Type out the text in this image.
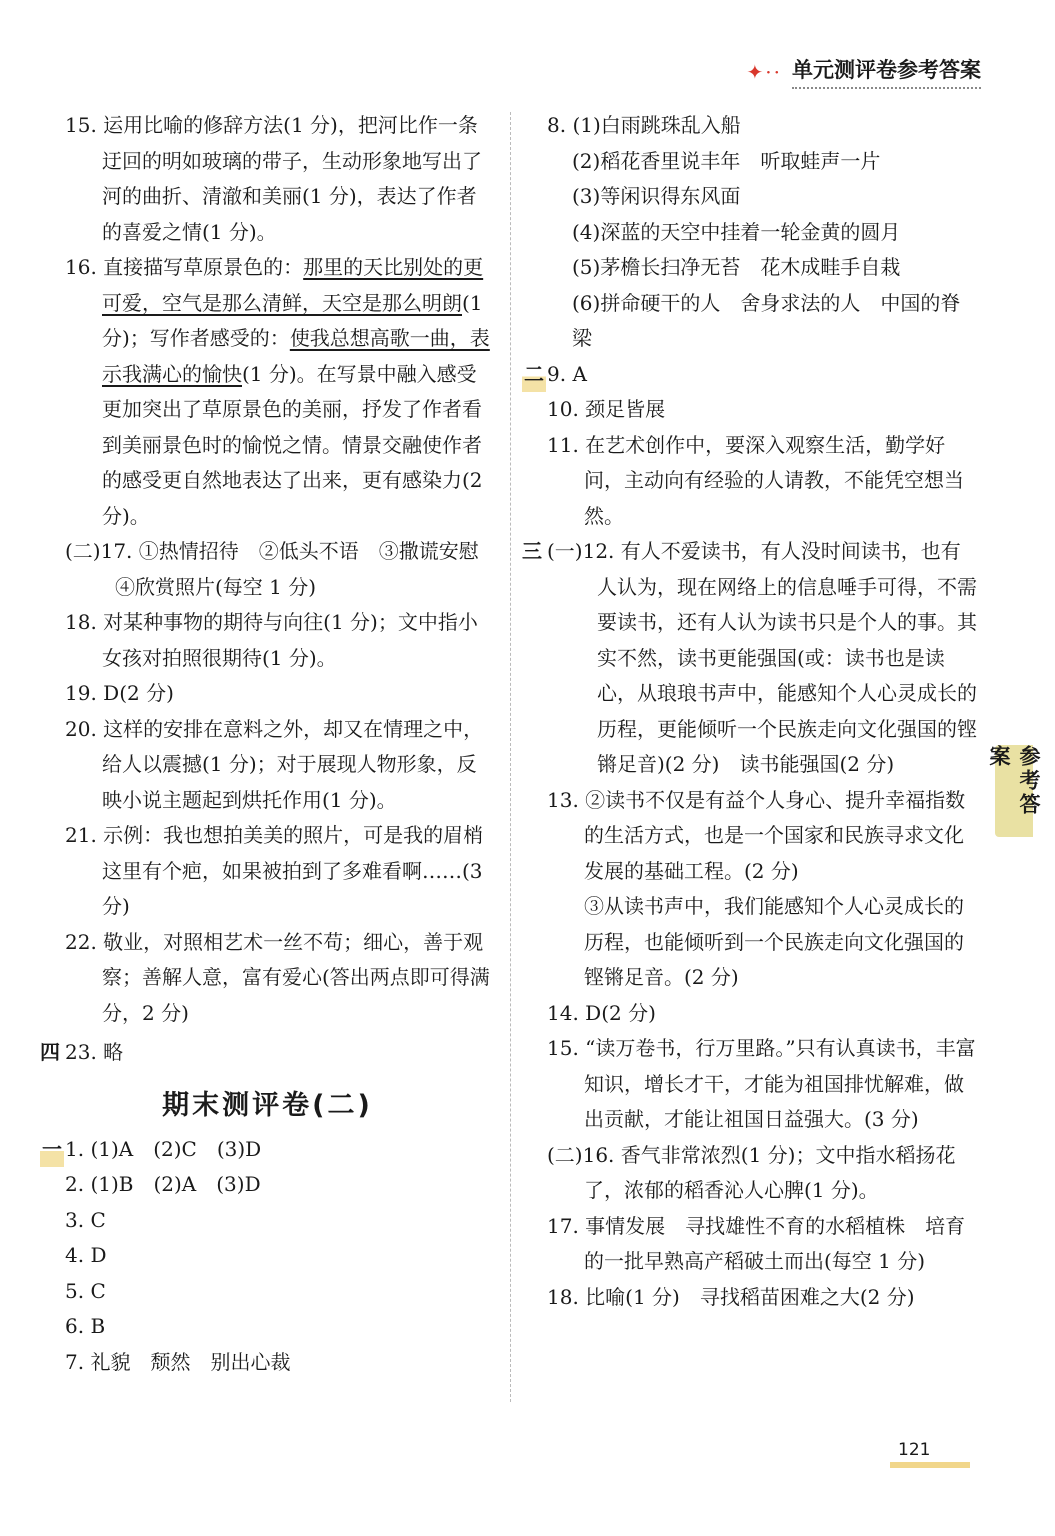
✦·· 单元测评卷参考答案

15. 运用比喻的修辞方法(1 分)，把河比作一条迂回的明如玻璃的带子，生动形象地写出了河的曲折、清澈和美丽(1 分)，表达了作者的喜爱之情(1 分)。

16. 直接描写草原景色的：那里的天比别处的更可爱，空气是那么清鲜，天空是那么明朗(1 分)；写作者感受的：使我总想高歌一曲，表示我满心的愉快(1 分)。在写景中融入感受更加突出了草原景色的美丽，抒发了作者看到美丽景色时的愉悦之情。情景交融使作者的感受更自然地表达了出来，更有感染力(2 分)。

(二)17. ①热情招待　②低头不语　③撒谎安慰　④欣赏照片(每空 1 分)

18. 对某种事物的期待与向往(1 分)；文中指小女孩对拍照很期待(1 分)。

19. D(2 分)

20. 这样的安排在意料之外，却又在情理之中，给人以震撼(1 分)；对于展现人物形象，反映小说主题起到烘托作用(1 分)。

21. 示例：我也想拍美美的照片，可是我的眉梢这里有个疤，如果被拍到了多难看啊……(3 分)

22. 敬业，对照相艺术一丝不苟；细心，善于观察；善解人意，富有爱心(答出两点即可得满分，2 分)

四 23. 略

期末测评卷(二)
一 1. (1)A　(2)C　(3)D

2. (1)B　(2)A　(3)D

3. C

4. D

5. C

6. B

7. 礼貌　颓然　别出心裁

8. (1)白雨跳珠乱入船

(2)稻花香里说丰年　听取蛙声一片

(3)等闲识得东风面

(4)深蓝的天空中挂着一轮金黄的圆月

(5)茅檐长扫净无苔　花木成畦手自栽

(6)拼命硬干的人　舍身求法的人　中国的脊梁

二 9. A

10. 颈足皆展

11. 在艺术创作中，要深入观察生活，勤学好问，主动向有经验的人请教，不能凭空想当然。

三 (一)12. 有人不爱读书，有人没时间读书，也有人认为，现在网络上的信息唾手可得，不需要读书，还有人认为读书只是个人的事。其实不然，读书更能强国(或：读书也是读心，从琅琅书声中，能感知个人心灵成长的历程，更能倾听一个民族走向文化强国的铿锵足音)(2 分)　读书能强国(2 分)

13. ②读书不仅是有益个人身心、提升幸福指数的生活方式，也是一个国家和民族寻求文化发展的基础工程。(2 分)

③从读书声中，我们能感知个人心灵成长的历程，也能倾听到一个民族走向文化强国的铿锵足音。(2 分)

14. D(2 分)

15. “读万卷书，行万里路。”只有认真读书，丰富知识，增长才干，才能为祖国排忧解难，做出贡献，才能让祖国日益强大。(3 分)

(二)16. 香气非常浓烈(1 分)；文中指水稻扬花了，浓郁的稻香沁人心脾(1 分)。

17. 事情发展　寻找雄性不育的水稻植株　培育的一批早熟高产稻破土而出(每空 1 分)

18. 比喻(1 分)　寻找稻苗困难之大(2 分)

参考答案
121
